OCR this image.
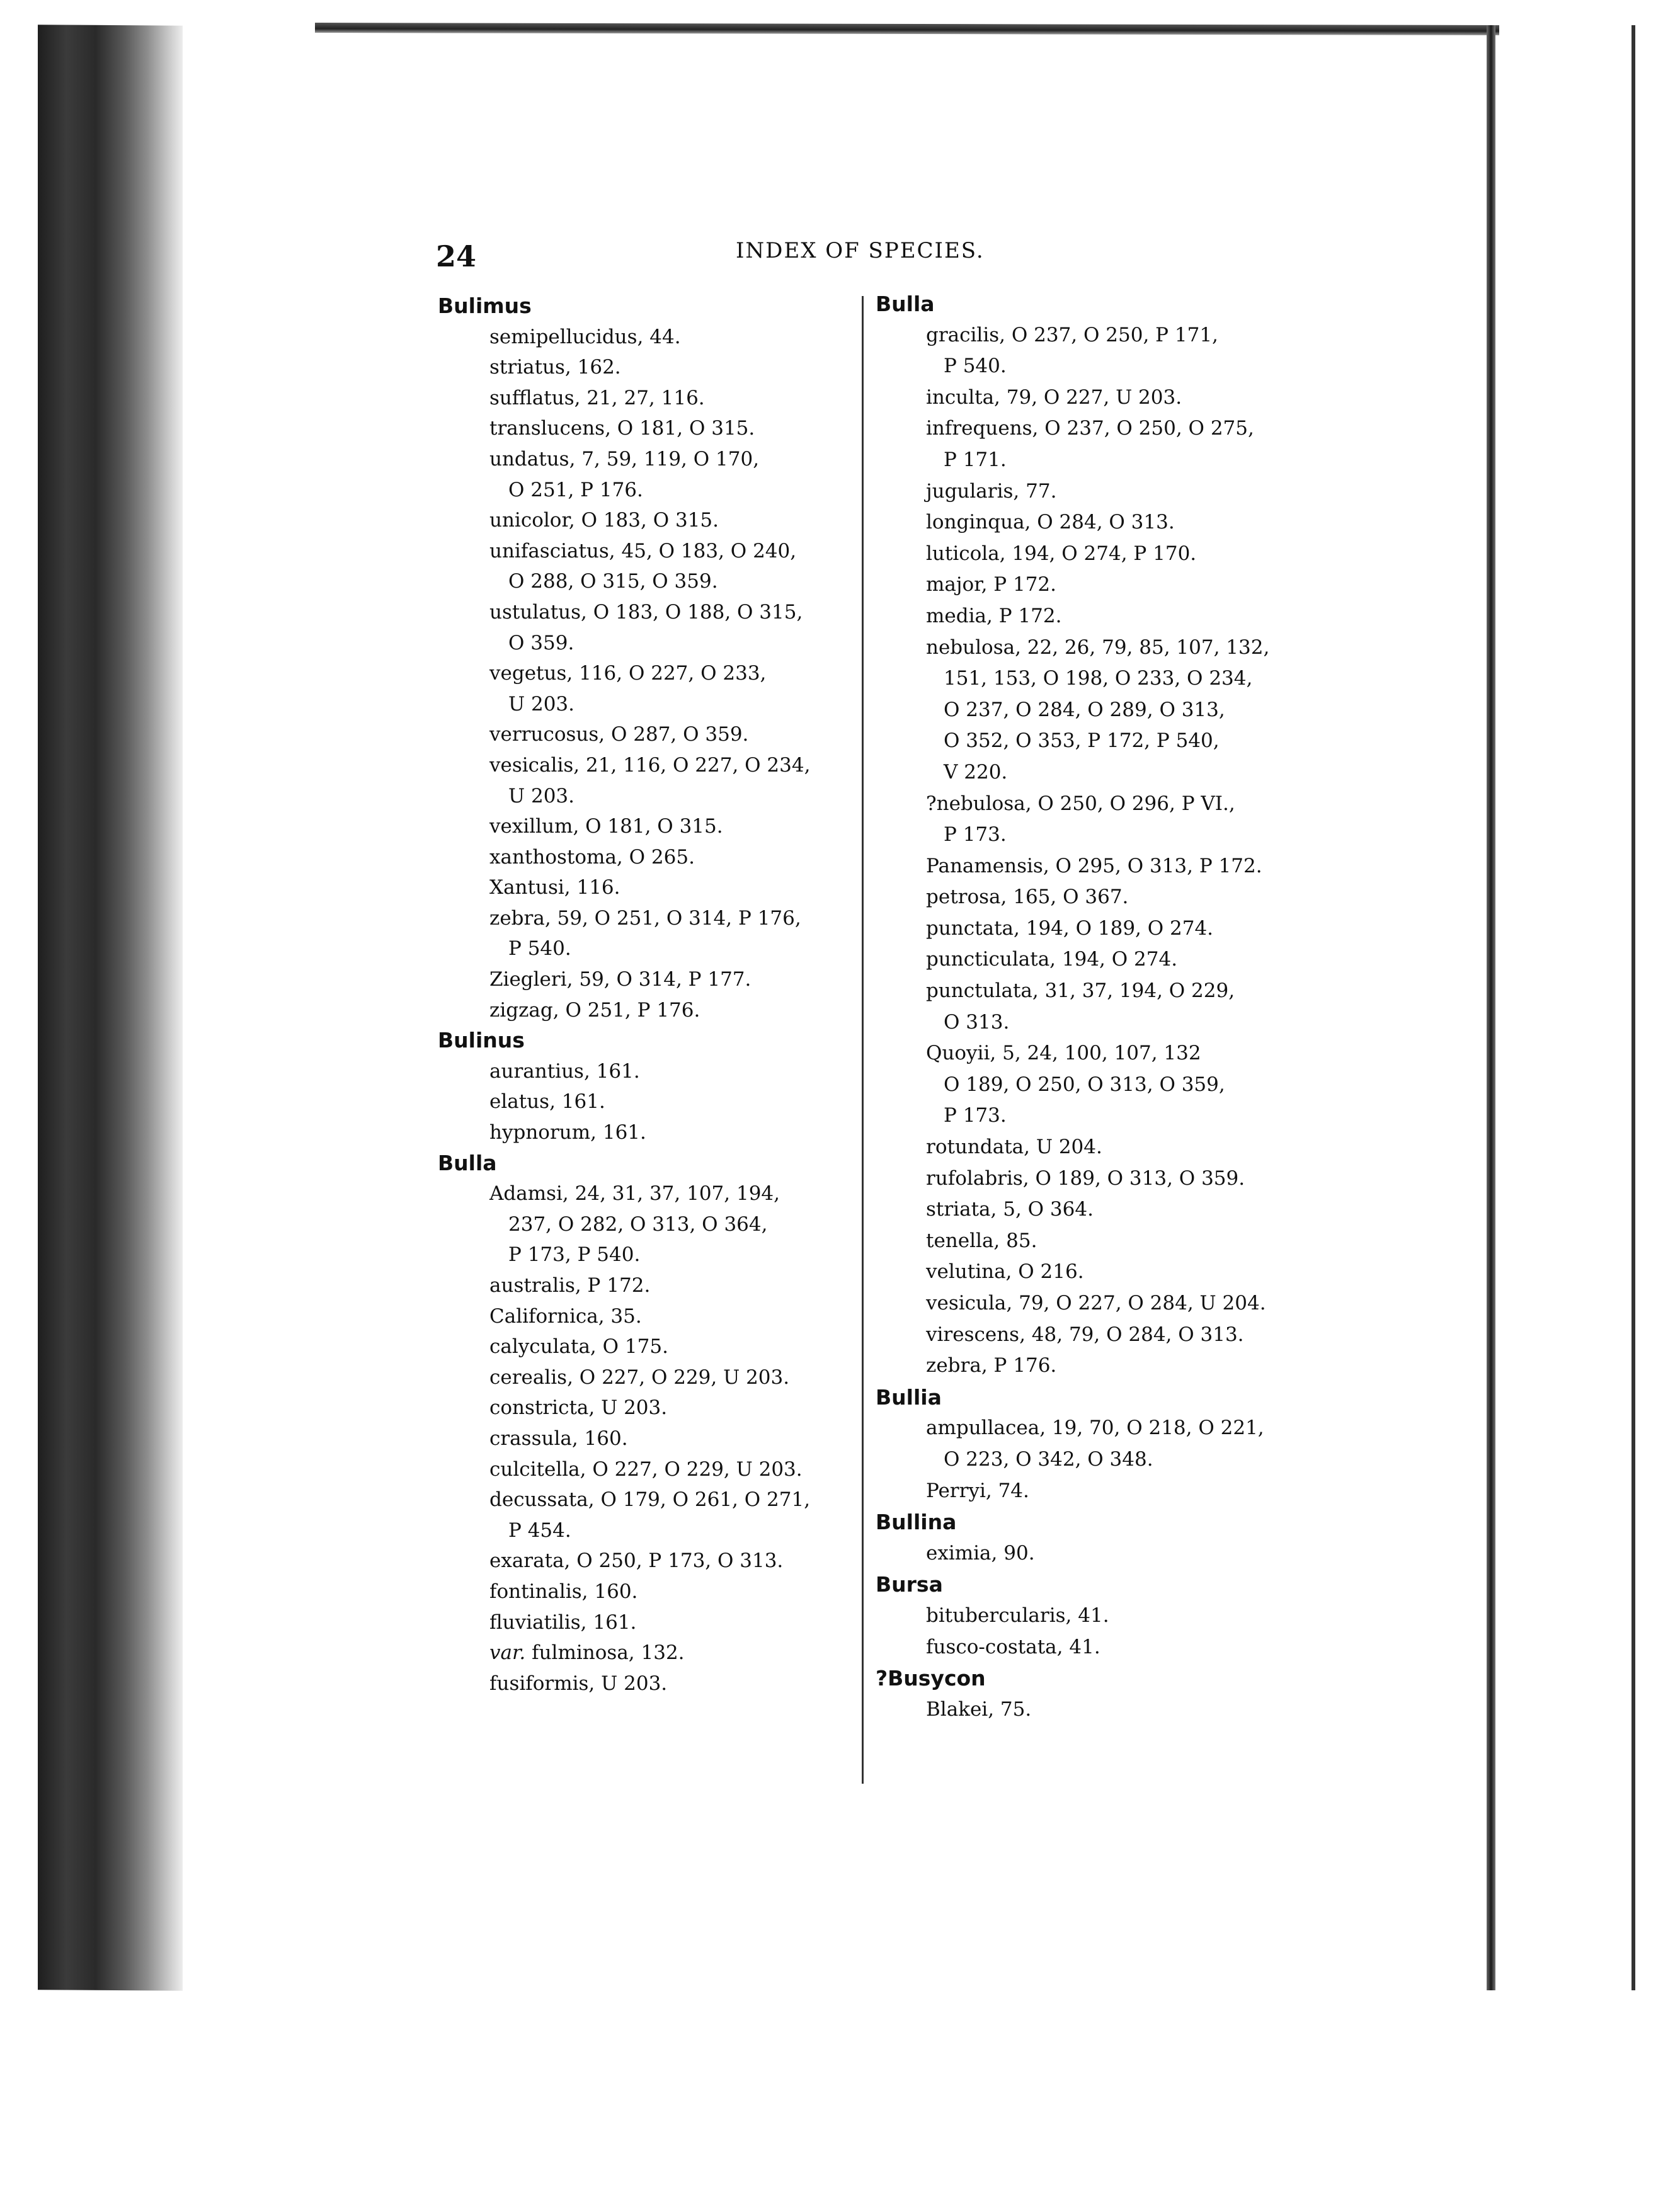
24	INDEX OF SPECIES.
Bulimus
semipellucidus, 44.
striatus, 162.
sufflatus, 21, 27, 116.
translucens, O 181, O 315.
undatus, 7, 59, 119, O 170,
O 251, P 176.
unicolor, O 183, O 315.
unifasciatus, 45, O 183, O 240,
O 288, O 315, O 359.
ustulatus, O 183, O 188, O 315,
O 359.
vegetus, 116, O 227, O 233,
U 203.
verrucosus, O 287, O 359.
vesicalis, 21, 116, O 227, O 234,
U 203.
vexillum, O 181, O 315.
xanthostoma, O 265.
Xantusi, 116.
zebra, 59, O 251, O 314, P 176,
P 540.
Ziegleri, 59, O 314, P 177.
zigzag, O 251, P 176.
Bulinus
aurantius, 161.
elatus, 161.
hypnorum, 161.
Bulla
Adamsi, 24, 31, 37, 107, 194,
237, O 282, O 313, O 364,
P 173, P 540.
australis, P 172.
Californica, 35.
calyculata, O 175.
cerealis, O 227, O 229, U 203.
constricta, U 203.
crassula, 160.
culcitella, O 227, O 229, U 203.
decussata, O 179, O 261, O 271,
P 454.
exarata, O 250, P 173, O 313.
fontinalis, 160.
fluviatilis, 161.
var. fulminosa, 132.
fusiformis, U 203.
Bulla
gracilis, O 237, O 250, P 171,
P 540.
inculta, 79, O 227, U 203.
infrequens, O 237, O 250, O 275,
P 171.
jugularis, 77.
longinqua, O 284, O 313.
luticola, 194, O 274, P 170.
major, P 172.
media, P 172.
nebulosa, 22, 26, 79, 85, 107, 132,
151, 153, O 198, O 233, O 234,
O 237, O 284, O 289, O 313,
O 352, O 353, P 172, P 540,
V 220.
?nebulosa, O 250, O 296, P VI.,
P 173.
Panamensis, O 295, O 313, P 172.
petrosa, 165, O 367.
punctata, 194, O 189, O 274.
puncticulata, 194, O 274.
punctulata, 31, 37, 194, O 229,
O 313.
Quoyii, 5, 24, 100, 107, 132
O 189, O 250, O 313, O 359,
P 173.
rotundata, U 204.
rufolabris, O 189, O 313, O 359.
striata, 5, O 364.
tenella, 85.
velutina, O 216.
vesicula, 79, O 227, O 284, U 204.
virescens, 48, 79, O 284, O 313.
zebra, P 176.
Bullia
ampullacea, 19, 70, O 218, O 221,
O 223, O 342, O 348.
Perryi, 74.
Bullina
eximia, 90.
Bursa
bitubercularis, 41.
fusco-costata, 41.
?Busycon
Blakei, 75.
